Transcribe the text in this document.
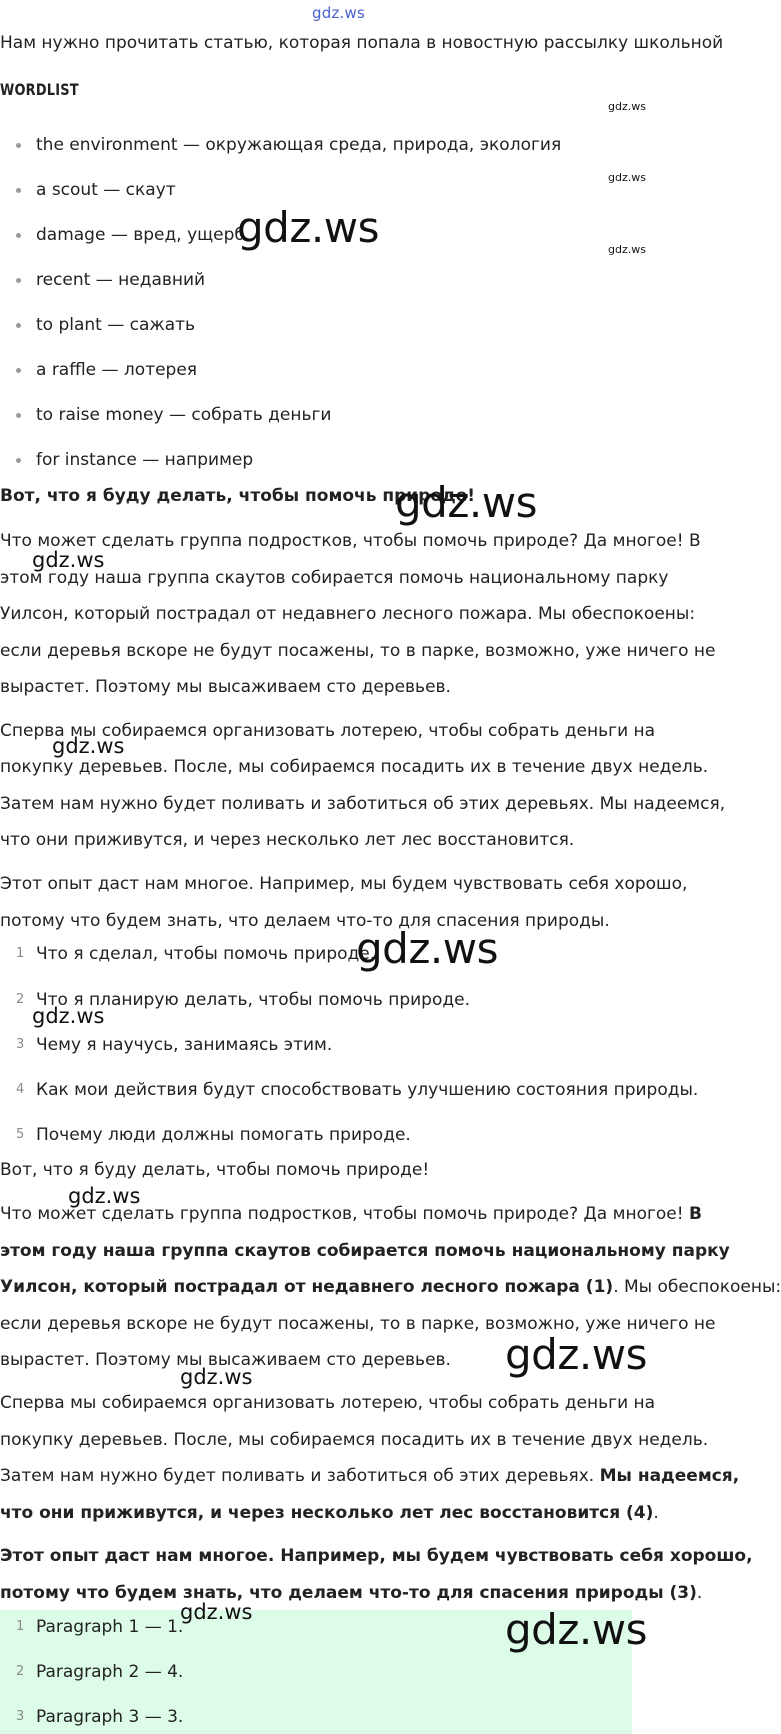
gdz.ws
Нам нужно прочитать статью, которая попала в новостную рассылку школьной
WORDLIST
the environment — окружающая среда, природа, экология
a scout — скаут
damage — вред, ущерб
recent — недавний
to plant — сажать
a raffle — лотерея
to raise money — собрать деньги
for instance — например
Вот, что я буду делать, чтобы помочь природе!
Что может сделать группа подростков, чтобы помочь природе? Да многое! В
этом году наша группа скаутов собирается помочь национальному парку
Уилсон, который пострадал от недавнего лесного пожара. Мы обеспокоены:
если деревья вскоре не будут посажены, то в парке, возможно, уже ничего не
вырастет. Поэтому мы высаживаем сто деревьев.
Сперва мы собираемся организовать лотерею, чтобы собрать деньги на
покупку деревьев. После, мы собираемся посадить их в течение двух недель.
Затем нам нужно будет поливать и заботиться об этих деревьях. Мы надеемся,
что они приживутся, и через несколько лет лес восстановится.
Этот опыт даст нам многое. Например, мы будем чувствовать себя хорошо,
потому что будем знать, что делаем что-то для спасения природы.
1 Что я сделал, чтобы помочь природе.
2 Что я планирую делать, чтобы помочь природе.
3 Чему я научусь, занимаясь этим.
4 Как мои действия будут способствовать улучшению состояния природы.
5 Почему люди должны помогать природе.
Вот, что я буду делать, чтобы помочь природе!
Что может сделать группа подростков, чтобы помочь природе? Да многое! В
этом году наша группа скаутов собирается помочь национальному парку
Уилсон, который пострадал от недавнего лесного пожара (1). Мы обеспокоены:
если деревья вскоре не будут посажены, то в парке, возможно, уже ничего не
вырастет. Поэтому мы высаживаем сто деревьев.
Сперва мы собираемся организовать лотерею, чтобы собрать деньги на
покупку деревьев. После, мы собираемся посадить их в течение двух недель.
Затем нам нужно будет поливать и заботиться об этих деревьях. Мы надеемся,
что они приживутся, и через несколько лет лес восстановится (4).
Этот опыт даст нам многое. Например, мы будем чувствовать себя хорошо,
потому что будем знать, что делаем что-то для спасения природы (3).
1 Paragraph 1 — 1.
2 Paragraph 2 — 4.
3 Paragraph 3 — 3.
gdz.ws
gdz.ws
gdz.ws
gdz.ws
gdz.ws
gdz.ws
gdz.ws
gdz.ws
gdz.ws
gdz.ws
gdz.ws
gdz.ws
gdz.ws	gdz.ws
